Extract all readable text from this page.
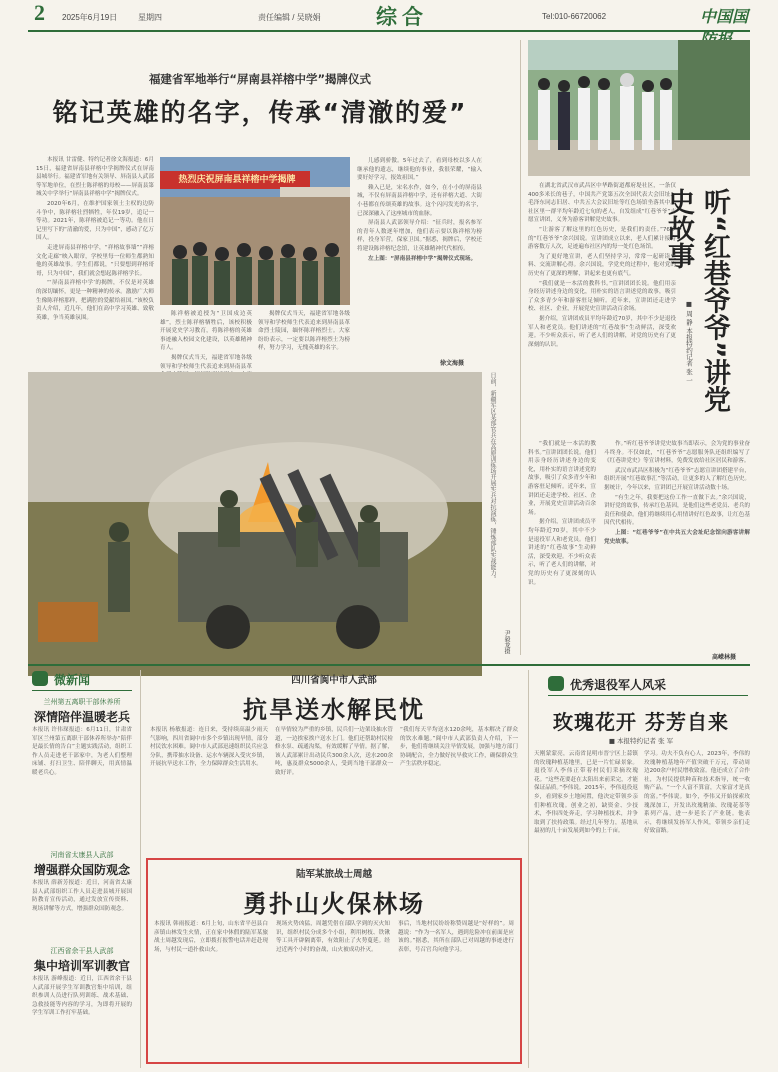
2 2025年6月19日	星期四	责任编辑 / 吴晓娟	综合	Tel:010-66720062	中国国
福建省军地举行“屏南县祥榕中学”揭牌仪式
铭记英雄的名字，传承“清澈的爱”

本报讯 甘雷健、特约记者徐文海报道：6月15日，福建省屏南县祥榕中学揭牌仪式在屏南县城举行。福建省军地有关领导、屏南县人武部等军地单位，在烈士陈祥榕的母校——屏南县第城关中学举行“屏南县祥榕中学”揭牌仪式。

2020年6月，在维护国家领土主权的边防斗争中，陈祥榕壮烈牺牲，年仅19岁，追记一等功。2021年，陈祥榕被追记一等功。他在日记里写下的“清澈的爱，只为中国”，感动了亿万国人。

走进屏南县祥榕中学，“祥榕故事墙”“祥榕文化走廊”映入眼帘，学校里每一位师生都熟知他的英雄故事。学生们都说，“只要想到祥榕哥哥，只为中国”，我们就会想起陈祥榕学长。

“‘屏南县祥榕中学’的揭牌，不仅是对英雄的深切缅怀，更是一种精神的传承。激励广大师生像陈祥榕那样，把满腔的爱献给祖国。”该校负责人介绍，近几年，他们在高中学习英雄、致敬英雄，争当英雄氛围。

热烈庆祝屏南县祥榕中学揭牌

陈祥榕被追授为“卫国戍边英雄”，烈士陈祥榕牺牲后，该校积极开展党史学习教育，将陈祥榕的英雄事迹融入校园文化建设，以英雄精神育人。

揭牌仪式当天，福建省军地各级领导和学校师生代表追来到屏南县革

揭牌仪式当天，福建省军地各级领导和学校师生代表追来到屏南县革命烈士陵园，缅怀陈祥榕烈士。大家纷纷表示，一定要以陈祥榕烈士为榜样，努力学习，无愧英雄的名字。

儿感到骄傲。5年过去了，看到母校以多人在继承他的遗志，继续他的事业，我很荣耀，“输入要好好学习，报效祖国。”

赖入已是，宋名水作，如今，在小小的屏南县城，不仅有屏南县祥榕中学，还有祥榕大道、大街小巷都在传颂英雄的故事。这个闪闪发光的名字，已深深融入了这座城市的血脉。

屏南县人武部领导介绍：“征兵时，报名参军的青年人数逐年增加，他们表示要以陈祥榕为榜样，投身军营，保家卫国。”据悉，揭牌后，学校还将建设陈祥榕纪念馆，让英雄精神代代相传。

左上图：“屏南县祥榕中学”揭牌仪式现场。

徐文海摄
日前，新疆军区某部官兵在高原训练场开展实兵对抗演练，锤炼部队实战能力。
尹毅龙摄

在湖北省武汉市武昌区中华路街道都府堤社区，一条仅400多米长的巷子，中国共产党第五次全国代表大会旧址、毛泽东同志旧居、中共五大会议旧址等红色场馆坐落其中。社区里一群平均年龄近七旬的老人，自发组成“红巷爷爷”志愿宣讲团，义务为游客讲解党史故事。

“让游客了解这里的红色历史，是我们的责任。”76岁的“红巷爷爷”余兴国说。宣讲团成立以来，老人们累计接待游客数万人次，足迹遍布社区内的每一处红色场馆。

为了更好地宣讲，老人们坚持学习，常常一起研读史料、交流讲解心得。余兴国说，学党史的过程中，他对党的历史有了更深的理解，讲起来也更有底气。

“我们就是一本活的教科书。”宣讲团团长说。他们用亲身经历讲述身边的变化，用朴实的语言讲述党的故事，吸引了众多青少年和游客驻足倾听。近年来，宣讲团还走进学校、社区、企业，开展党史宣讲活动百余场。

据介绍，宣讲团成员平均年龄近70岁，其中不少是退役军人和老党员。他们讲述的“红巷故事”生动鲜活，深受欢迎。不少听众表示，听了老人们的讲解，对党的历史有了更深刻的认识。

“我们就是一本活的教科书。”宣讲团团长说。他们用亲身经历讲述身边的变化，用朴实的语言讲述党的故事，吸引了众多青少年和游客驻足倾听。近年来，宣讲团还走进学校、社区、企业，开展党史宣讲活动百余场。

据介绍，宣讲团成员平均年龄近70岁，其中不少是退役军人和老党员。他们讲述的“红巷故事”生动鲜活，深受欢迎。不少听众表示，听了老人们的讲解，对党的历史有了更深刻的认识。

作。”听红巷爷爷讲党史故事当即表示，会为党的事业奋斗终身。不仅如此，“红巷爷爷”志愿服务队还组织编写了《红巷讲党史》等宣讲材料，免费发放给社区居民和游客。

武汉市武昌区积极为“红巷爷爷”志愿宣讲团搭建平台，组织开展“红巷故事汇”等活动，让更多的人了解红色历史。据统计，今年以来，宣讲团已开展宣讲活动数十场。

“有生之年，我要把这份工作一直做下去。”余兴国说，讲好党的故事，传承红色基因，是他们这些老党员、老兵的责任和使命。他们将继续用心用情讲好红色故事，让红色基因代代相传。

上图：“红巷爷爷”在中共五大会址纪念馆向游客讲解党史故事。

高嵘林摄
听“红巷爷爷”讲党史故事
■ 周 静 本报特约记者 张 一
微新闻
兰州第五离职干部休养所
深情陪伴温暖老兵
本报讯 许伟琛报道：6月11日，甘肃省军区兰州第五离职干部休养所举办“陪伴是最长情的告白”主题实践活动，组织工作人员走进老干部家中，为老人们整理床铺、打扫卫生、陪伴聊天，用真情温暖老兵心。
河南省太康县人武部
增强群众国防观念
本报讯 薛新芳报道：近日，河南省太康县人武部组织工作人员走进县城开展国防教育宣传活动，通过发放宣传资料、现场讲解等方式，增强群众国防观念。
江西省余干县人武部
集中培训军训教官
本报讯 游峰报道：近日，江西省余干县人武部开展学生军训教官集中培训，组织参训人员进行队列训练、战术基础、急救技能等内容的学习，为即将开展的学生军训工作打牢基础。
四川省阆中市人武部
抗旱送水解民忧
本报讯 杨敏报道：连日来，受持续高温少雨天气影响，四川省阆中市多个乡镇出现旱情，部分村民饮水困难。阆中市人武部迅速组织民兵应急分队，携带抽水设备、运水车辆深入受灾乡镇，开展抗旱送水工作，全力保障群众生活用水。
在旱情较为严重的乡镇，民兵们一边架设抽水管道，一边挨家挨户送水上门。他们还帮助村民检修水泵、疏通沟渠，有效缓解了旱情。据了解，该人武部累计出动民兵300余人次，送水200余吨，惠及群众5000余人，受到当地干部群众一致好评。
“我们每天平均送水120余吨，基本解决了群众的饮水难题。”阆中市人武部负责人介绍，下一步，他们将继续关注旱情发展，加强与地方部门协调配合，全力做好抗旱救灾工作，确保群众生产生活秩序稳定。
陆军某旅战士周越
勇扑山火保林场
本报讯 韩雨报道：6月上旬，山东省平邑县白彦镇山林发生火情，正在家中休假的陆军某旅战士周越发现后，立即拨打报警电话并赶赴现场，与村民一道扑救山火。
现场火势凶猛，周越凭借在部队学到的灭火知识，组织村民分成多个小组，利用树枝、铁锹等工具开辟隔离带，有效阻止了火势蔓延。经过近两个小时的奋战，山火被成功扑灭。
事后，当地村民纷纷称赞周越是“好样的”。周越说：“作为一名军人，遇到危险冲在前面是应该的。”据悉，其所在部队已对周越的事迹进行表彰，号召官兵向他学习。
优秀退役军人风采
玫瑰花开 芬芳自来
■ 本报特约记者 张 军
天刚蒙蒙亮，云南省昆明市晋宁区上蒜镇的玫瑰种植基地里，已是一片忙碌景象。退役军人李伟正带着村民们采摘玫瑰花。“这些花要赶在太阳出来前采完，才能保证品质。”李伟说。2015年，李伟退役返乡，看到家乡土地闲置，他决定带领乡亲们种植玫瑰。创业之初，缺资金、少技术，李伟四处奔走，学习种植技术，并争取到了扶持政策。经过几年努力，基地从最初的几十亩发展到如今的上千亩。
学习。功夫不负有心人，2023年，李伟的玫瑰种植基地年产值突破千万元，带动周边200余户村民增收致富。他还成立了合作社，为村民提供种苗和技术指导，统一收购产品。“一个人富不算富，大家富才是真的富。”李伟说。如今，李伟又开始探索玫瑰深加工，开发出玫瑰精油、玫瑰花茶等系列产品，进一步延长了产业链。他表示，将继续发扬军人作风，带领乡亲们走好致富路。
